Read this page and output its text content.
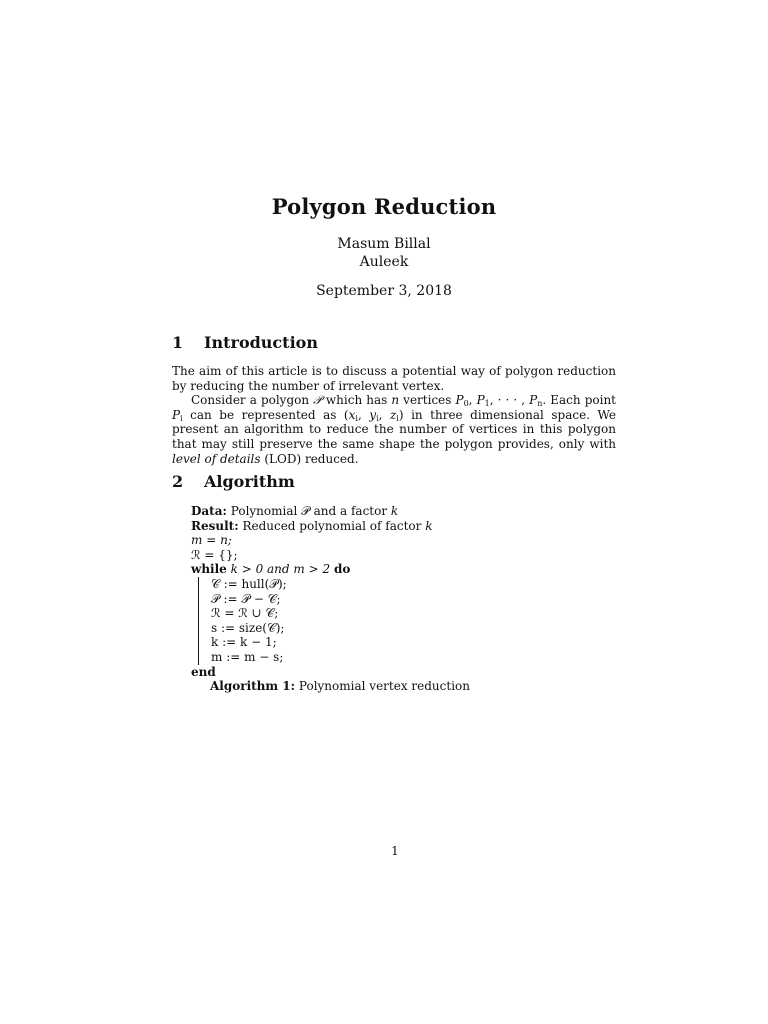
Polygon Reduction
Masum Billal
Auleek
September 3, 2018
1 Introduction
The aim of this article is to discuss a potential way of polygon reduction by reducing the number of irrelevant vertex.
Consider a polygon 𝒫 which has n vertices $P_0$, $P_1$, · · · , $P_n$. Each point $P_i$ can be represented as ($x_i$, $y_i$, $z_i$) in three dimensional space. We present an algorithm to reduce the number of vertices in this polygon that may still preserve the same shape the polygon provides, only with level of details (LOD) reduced.
2 Algorithm
Data: Polynomial 𝒫 and a factor k
Result: Reduced polynomial of factor k
m = n;
ℛ = {};
while k > 0 and m > 2 do
𝒞 := hull(𝒫);
𝒫 := 𝒫 − 𝒞;
ℛ = ℛ ∪ 𝒞;
s := size(𝒞);
k := k − 1;
m := m − s;
end
Algorithm 1: Polynomial vertex reduction
1
